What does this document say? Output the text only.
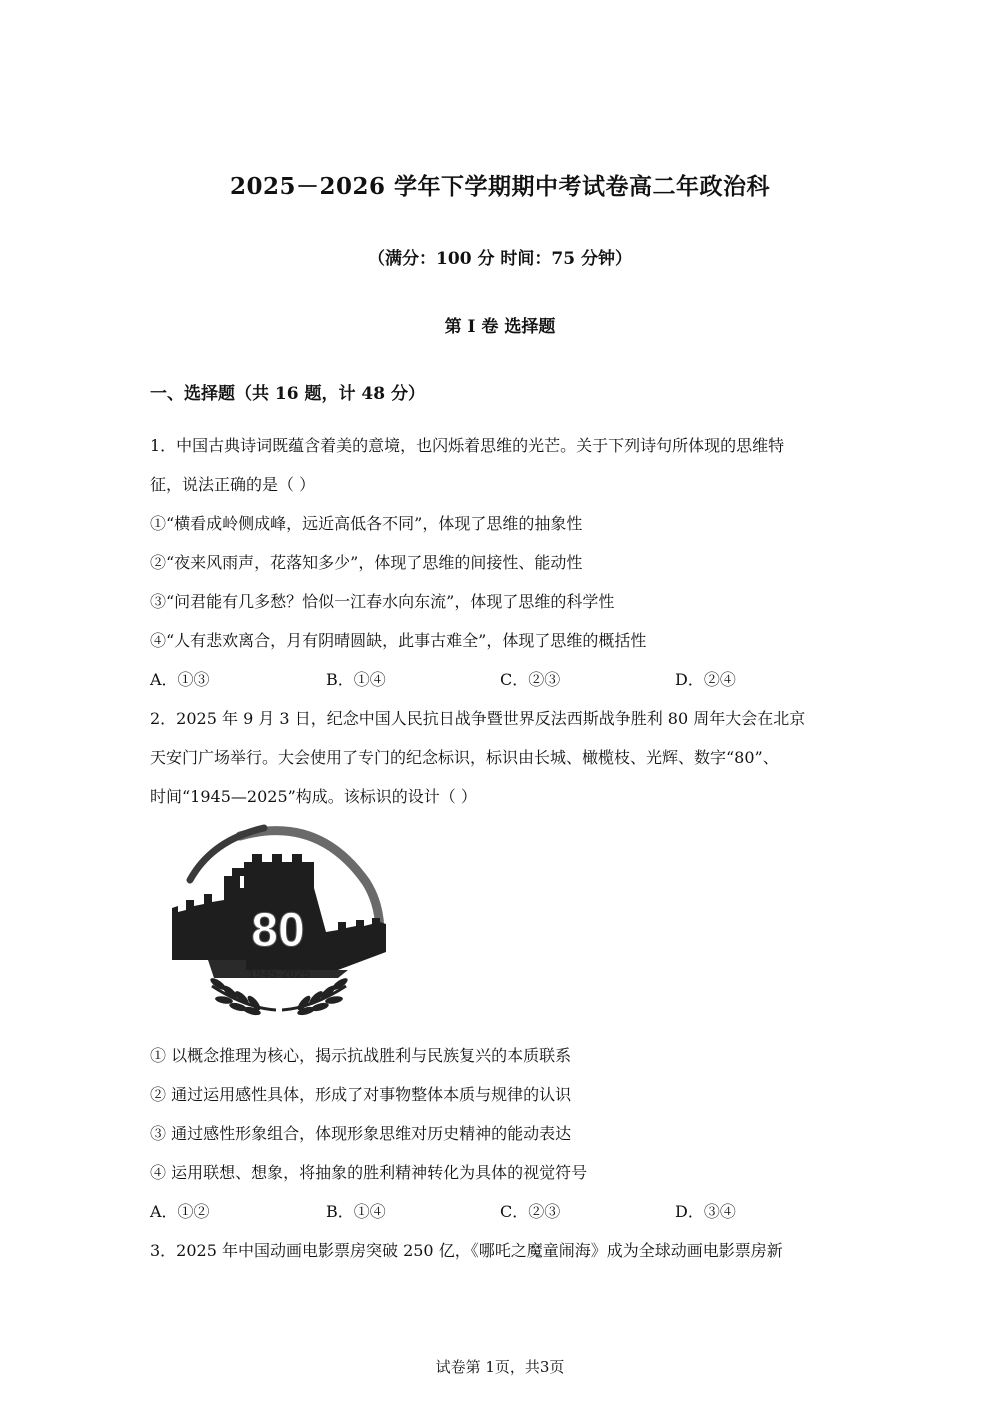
2025－2026 学年下学期期中考试卷高二年政治科
（满分：100 分 时间：75 分钟）
第 I 卷 选择题
一、选择题（共 16 题，计 48 分）
1．中国古典诗词既蕴含着美的意境，也闪烁着思维的光芒。关于下列诗句所体现的思维特
征，说法正确的是（ ）
①“横看成岭侧成峰，远近高低各不同”，体现了思维的抽象性
②“夜来风雨声，花落知多少”，体现了思维的间接性、能动性
③“问君能有几多愁？恰似一江春水向东流”，体现了思维的科学性
④“人有悲欢离合，月有阴晴圆缺，此事古难全”，体现了思维的概括性
A．①③	B．①④	C．②③	D．②④
2．2025 年 9 月 3 日，纪念中国人民抗日战争暨世界反法西斯战争胜利 80 周年大会在北京
天安门广场举行。大会使用了专门的纪念标识，标识由长城、橄榄枝、光辉、数字“80”、
时间“1945—2025”构成。该标识的设计（ ）
80
1945-2025
① 以概念推理为核心，揭示抗战胜利与民族复兴的本质联系
② 通过运用感性具体，形成了对事物整体本质与规律的认识
③ 通过感性形象组合，体现形象思维对历史精神的能动表达
④ 运用联想、想象，将抽象的胜利精神转化为具体的视觉符号
A．①②	B．①④	C．②③	D．③④
3．2025 年中国动画电影票房突破 250 亿，《哪吒之魔童闹海》成为全球动画电影票房新
试卷第 1页，共3页
